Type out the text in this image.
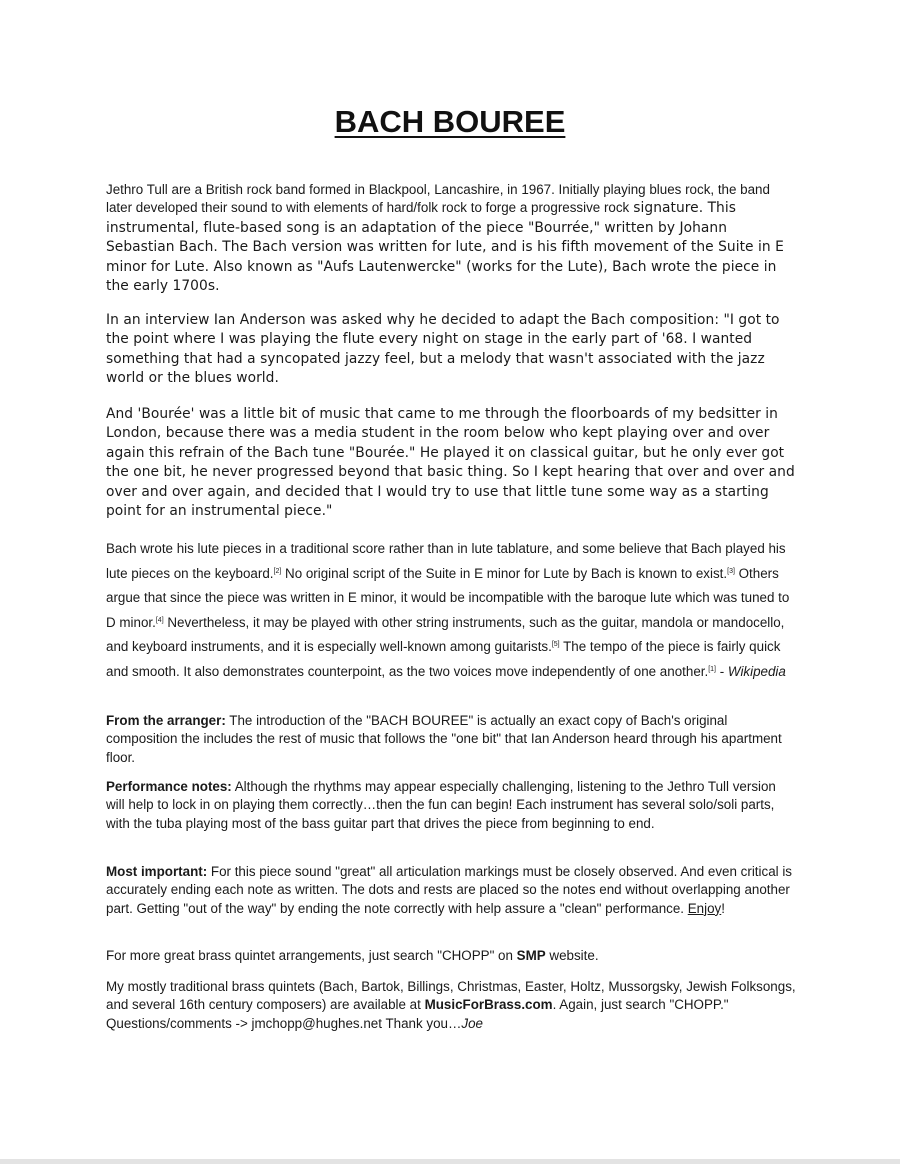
BACH BOUREE

Jethro Tull are a British rock band formed in Blackpool, Lancashire, in 1967. Initially playing blues rock, the band later developed their sound to with elements of hard/folk rock to forge a progressive rock signature. This instrumental, flute-based song is an adaptation of the piece "Bourrée," written by Johann Sebastian Bach. The Bach version was written for lute, and is his fifth movement of the Suite in E minor for Lute. Also known as "Aufs Lautenwercke" (works for the Lute), Bach wrote the piece in the early 1700s.

In an interview Ian Anderson was asked why he decided to adapt the Bach composition: "I got to the point where I was playing the flute every night on stage in the early part of '68. I wanted something that had a syncopated jazzy feel, but a melody that wasn't associated with the jazz world or the blues world.

And 'Bourée' was a little bit of music that came to me through the floorboards of my bedsitter in London, because there was a media student in the room below who kept playing over and over again this refrain of the Bach tune "Bourée." He played it on classical guitar, but he only ever got the one bit, he never progressed beyond that basic thing. So I kept hearing that over and over and over and over again, and decided that I would try to use that little tune some way as a starting point for an instrumental piece."

Bach wrote his lute pieces in a traditional score rather than in lute tablature, and some believe that Bach played his lute pieces on the keyboard.[2] No original script of the Suite in E minor for Lute by Bach is known to exist.[3] Others argue that since the piece was written in E minor, it would be incompatible with the baroque lute which was tuned to D minor.[4] Nevertheless, it may be played with other string instruments, such as the guitar, mandola or mandocello, and keyboard instruments, and it is especially well-known among guitarists.[5] The tempo of the piece is fairly quick and smooth. It also demonstrates counterpoint, as the two voices move independently of one another.[1] - Wikipedia

From the arranger: The introduction of the "BACH BOUREE" is actually an exact copy of Bach's original composition the includes the rest of music that follows the "one bit" that Ian Anderson heard through his apartment floor.

Performance notes: Although the rhythms may appear especially challenging, listening to the Jethro Tull version will help to lock in on playing them correctly…then the fun can begin! Each instrument has several solo/soli parts, with the tuba playing most of the bass guitar part that drives the piece from beginning to end.

Most important: For this piece sound "great" all articulation markings must be closely observed. And even critical is accurately ending each note as written. The dots and rests are placed so the notes end without overlapping another part. Getting "out of the way" by ending the note correctly with help assure a "clean" performance. Enjoy!

For more great brass quintet arrangements, just search "CHOPP" on SMP website.

My mostly traditional brass quintets (Bach, Bartok, Billings, Christmas, Easter, Holtz, Mussorgsky, Jewish Folksongs, and several 16th century composers) are available at MusicForBrass.com. Again, just search "CHOPP." Questions/comments -> jmchopp@hughes.net Thank you…Joe
